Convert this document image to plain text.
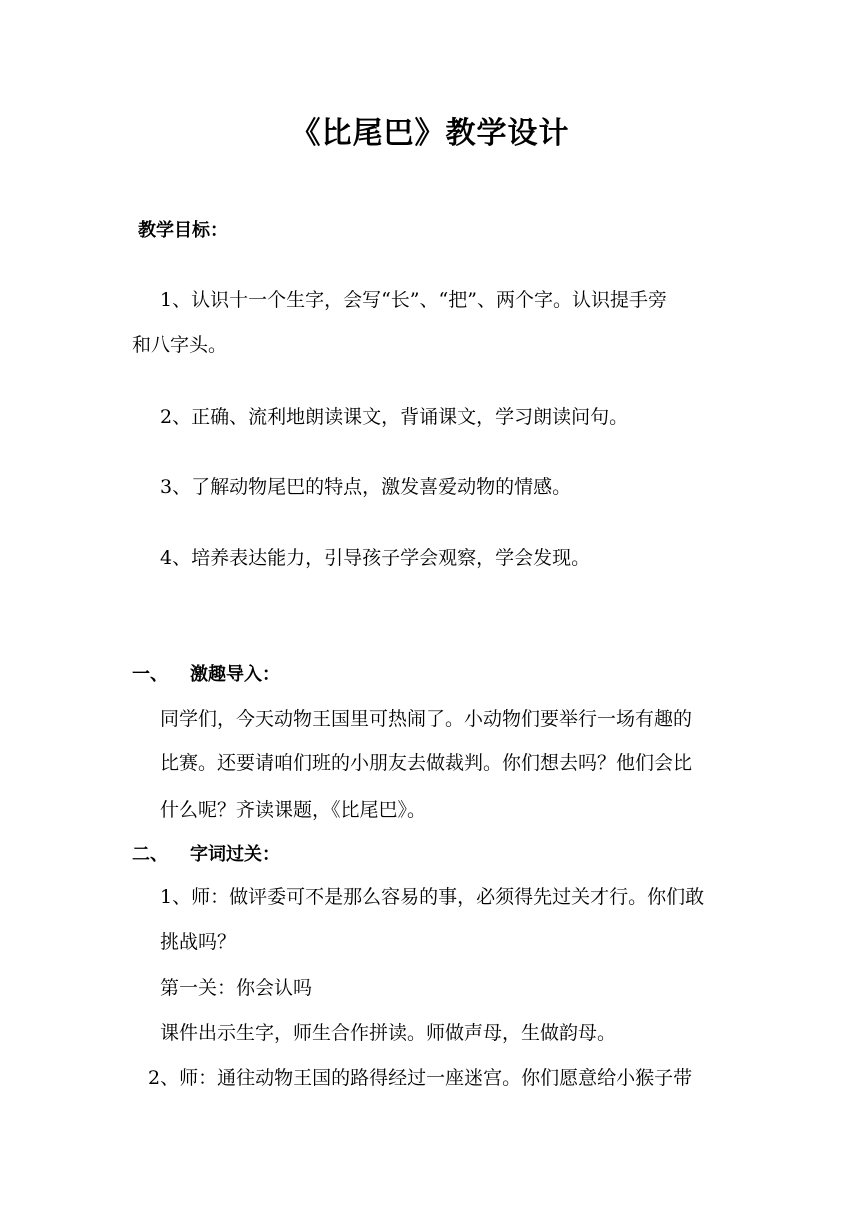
《比尾巴》教学设计
教学目标：
1、认识十一个生字，会写“长”、“把”、两个字。认识提手旁
和八字头。
2、正确、流利地朗读课文，背诵课文，学习朗读问句。
3、了解动物尾巴的特点，激发喜爱动物的情感。
4、培养表达能力，引导孩子学会观察，学会发现。
一、 激趣导入：
同学们，今天动物王国里可热闹了。小动物们要举行一场有趣的
比赛。还要请咱们班的小朋友去做裁判。你们想去吗？他们会比
什么呢？齐读课题，《比尾巴》。
二、 字词过关：
1、师：做评委可不是那么容易的事，必须得先过关才行。你们敢
挑战吗？
第一关：你会认吗
课件出示生字，师生合作拼读。师做声母，生做韵母。
2、师：通往动物王国的路得经过一座迷宫。你们愿意给小猴子带
